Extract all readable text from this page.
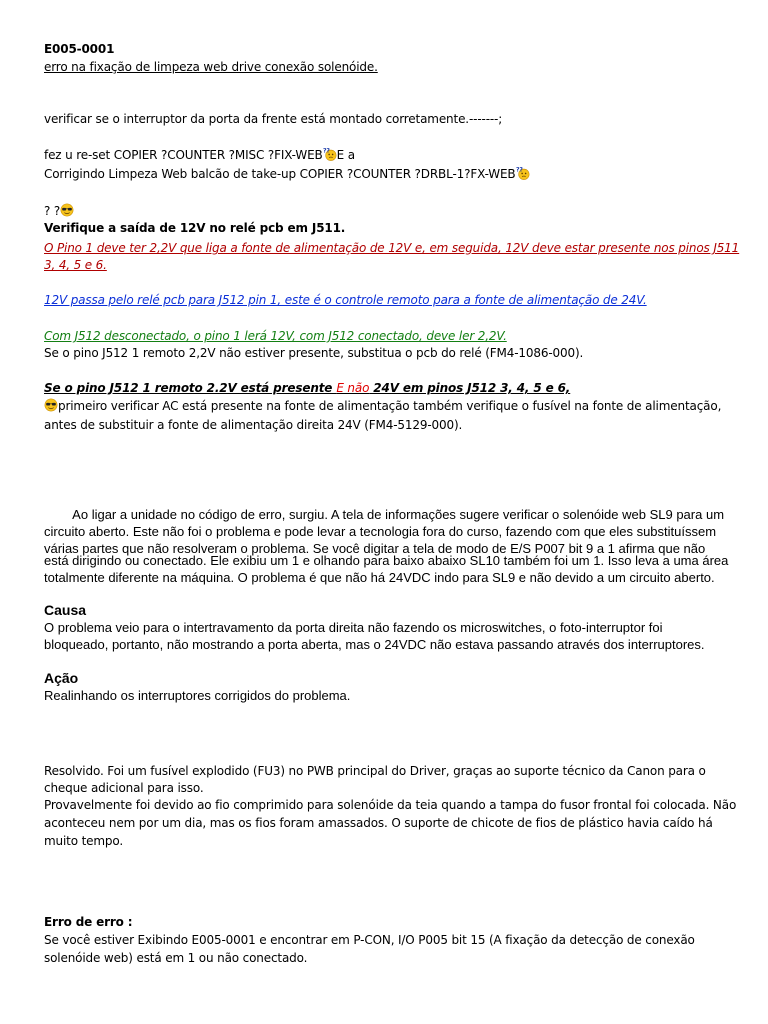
E005-0001
erro na fixação de limpeza web drive conexão solenóide.
verificar se o interruptor da porta da frente está montado corretamente.-------;
fez u re-set COPIER ?COUNTER ?MISC ?FIX-WEB E a
Corrigindo Limpeza Web balcão de take-up COPIER ?COUNTER ?DRBL-1?FX-WEB
? ?
Verifique a saída de 12V no relé pcb em J511.
O Pino 1 deve ter 2,2V que liga a fonte de alimentação de 12V e, em seguida, 12V deve estar presente nos pinos J511
3, 4, 5 e 6.
12V passa pelo relé pcb para J512 pin 1, este é o controle remoto para a fonte de alimentação de 24V.
Com J512 desconectado, o pino 1 lerá 12V, com J512 conectado, deve ler 2,2V.
Se o pino J512 1 remoto 2,2V não estiver presente, substitua o pcb do relé (FM4-1086-000).
Se o pino J512 1 remoto 2.2V está presente E não 24V em pinos J512 3, 4, 5 e 6,
primeiro verificar AC está presente na fonte de alimentação também verifique o fusível na fonte de alimentação,
antes de substituir a fonte de alimentação direita 24V (FM4-5129-000).
Ao ligar a unidade no código de erro, surgiu. A tela de informações sugere verificar o solenóide web SL9 para um
circuito aberto. Este não foi o problema e pode levar a tecnologia fora do curso, fazendo com que eles substituíssem
várias partes que não resolveram o problema. Se você digitar a tela de modo de E/S P007 bit 9 a 1 afirma que não
está dirigindo ou conectado. Ele exibiu um 1 e olhando para baixo abaixo SL10 também foi um 1. Isso leva a uma área
totalmente diferente na máquina. O problema é que não há 24VDC indo para SL9 e não devido a um circuito aberto.
Causa
O problema veio para o intertravamento da porta direita não fazendo os microswitches, o foto-interruptor foi
bloqueado, portanto, não mostrando a porta aberta, mas o 24VDC não estava passando através dos interruptores.
Ação
Realinhando os interruptores corrigidos do problema.
Resolvido. Foi um fusível explodido (FU3) no PWB principal do Driver, graças ao suporte técnico da Canon para o
cheque adicional para isso.
Provavelmente foi devido ao fio comprimido para solenóide da teia quando a tampa do fusor frontal foi colocada. Não
aconteceu nem por um dia, mas os fios foram amassados. O suporte de chicote de fios de plástico havia caído há
muito tempo.
Erro de erro :
Se você estiver Exibindo E005-0001 e encontrar em P-CON, I/O P005 bit 15 (A fixação da detecção de conexão
solenóide web) está em 1 ou não conectado.
